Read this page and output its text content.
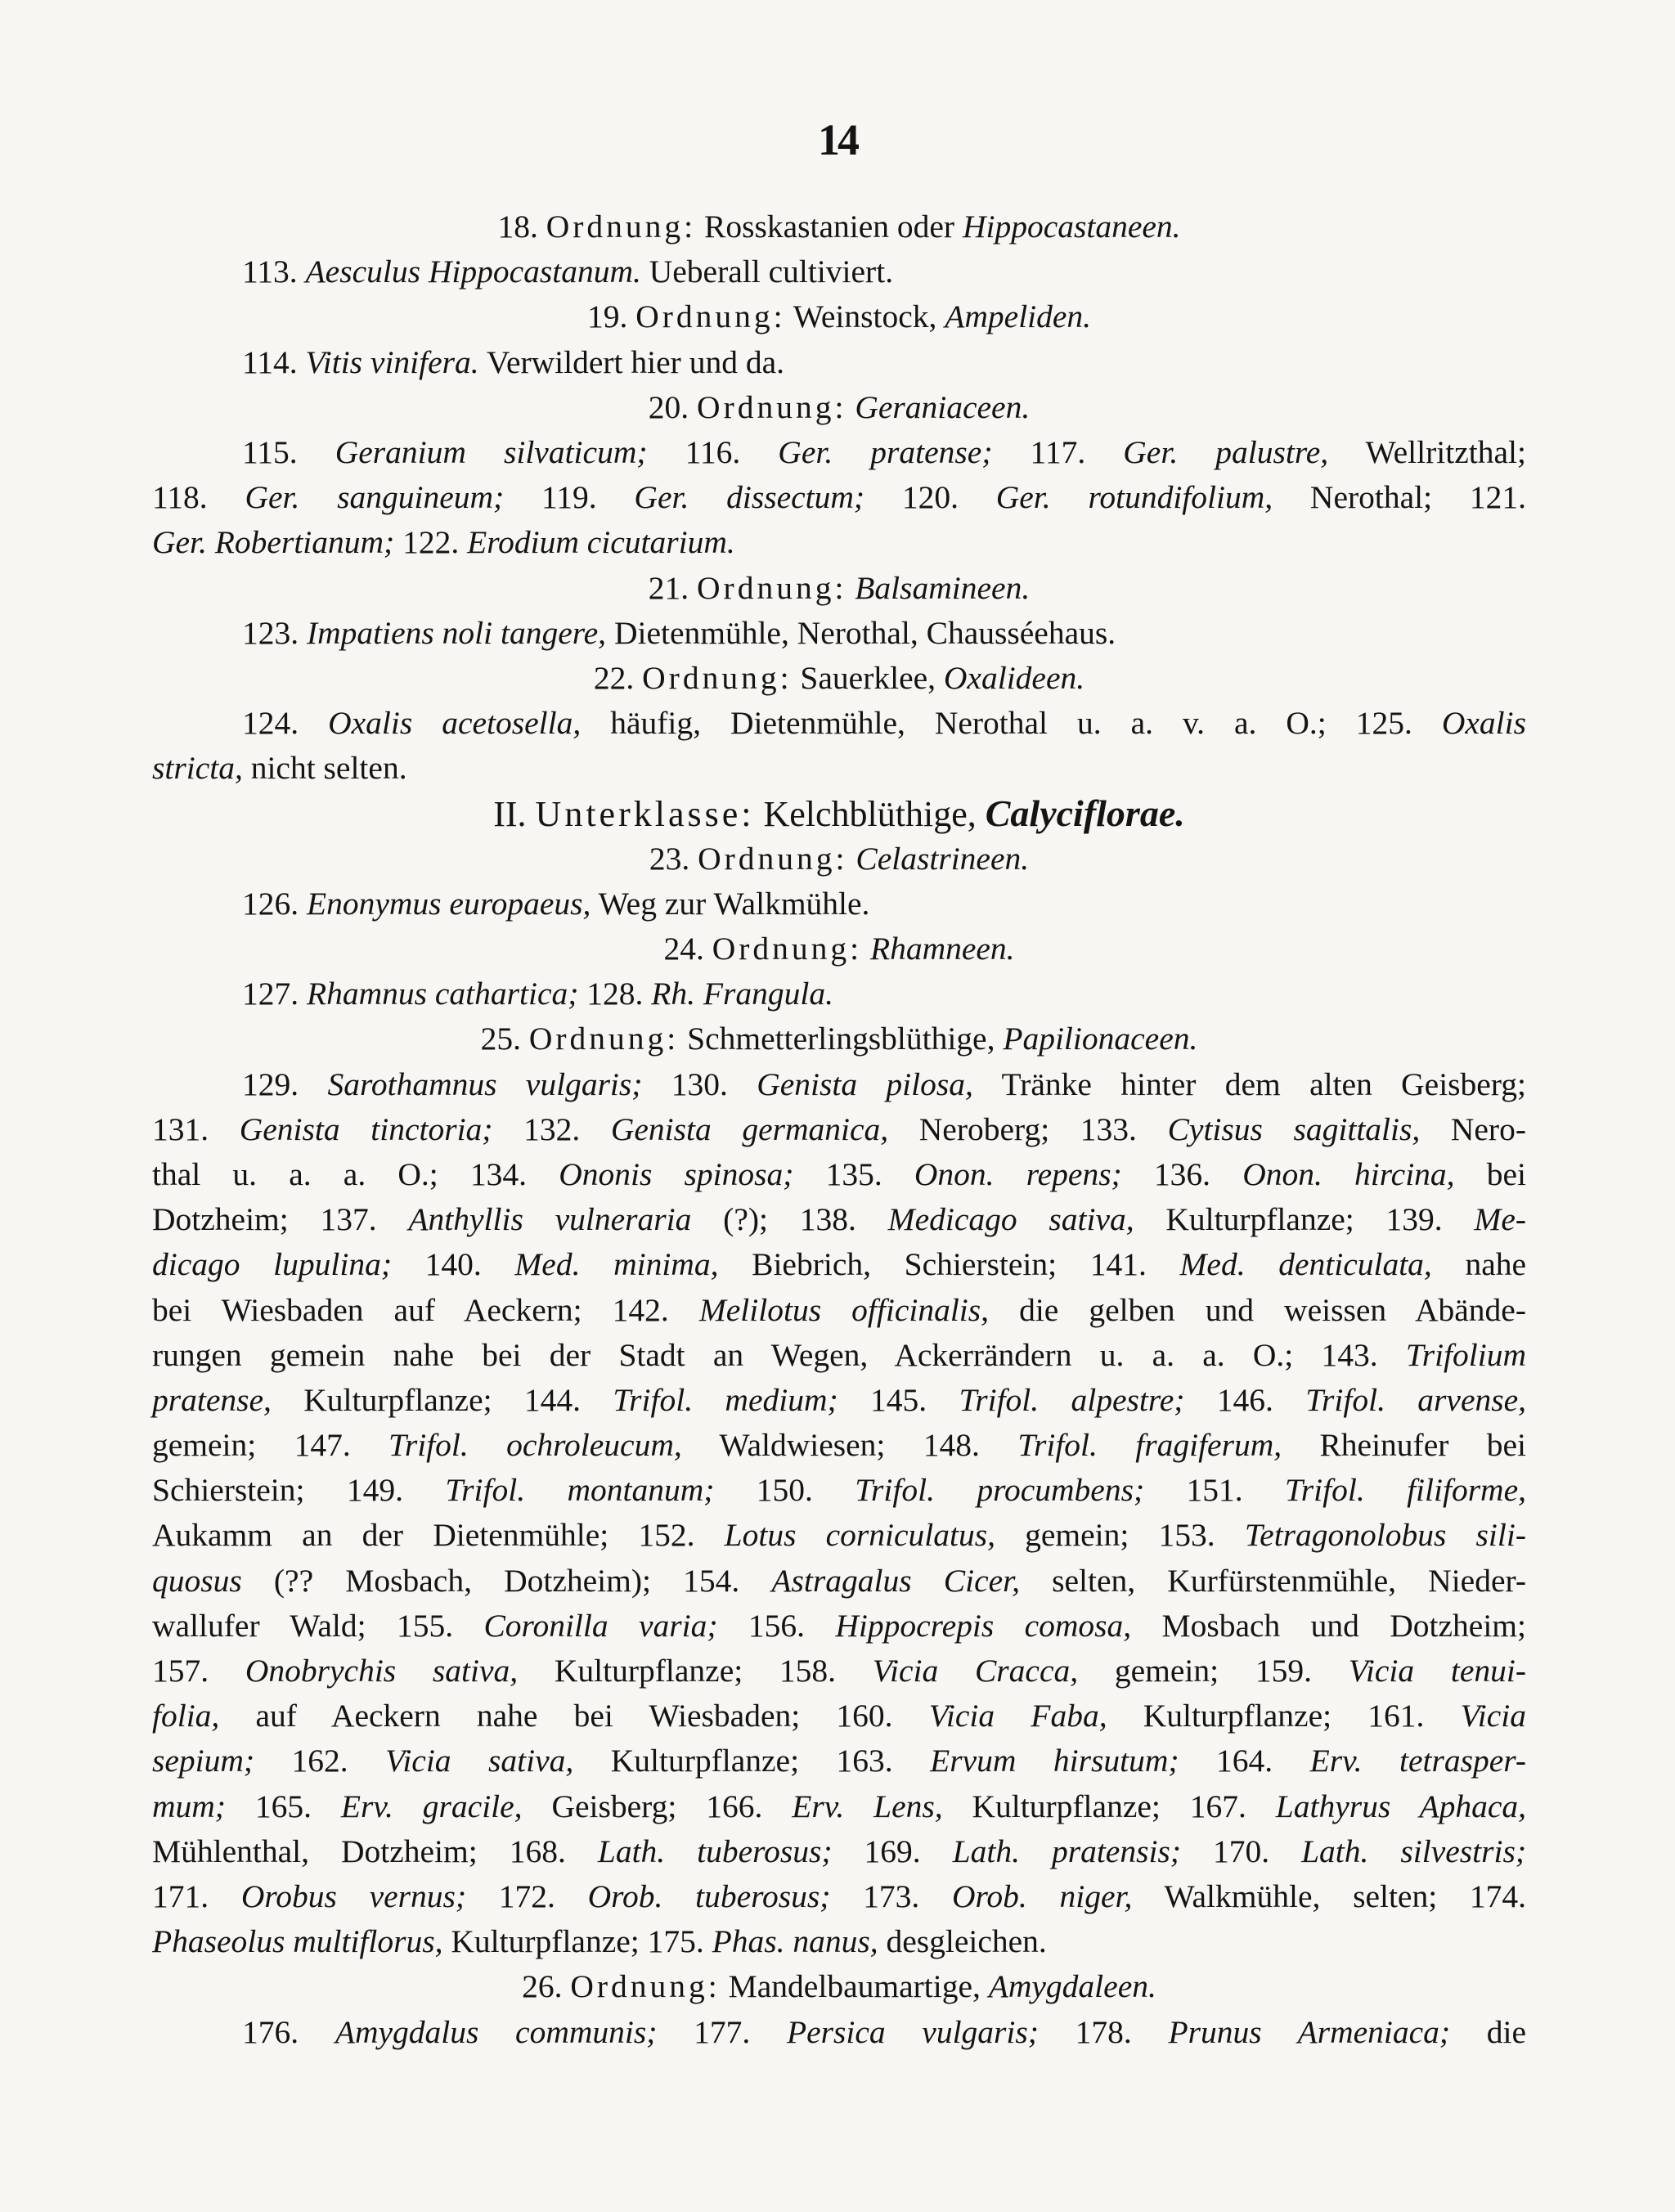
14
18. Ordnung: Rosskastanien oder Hippocastaneen.
113. Aesculus Hippocastanum. Ueberall cultiviert.
19. Ordnung: Weinstock, Ampeliden.
114. Vitis vinifera. Verwildert hier und da.
20. Ordnung: Geraniaceen.
115. Geranium silvaticum; 116. Ger. pratense; 117. Ger. palustre, Wellritzthal;
118. Ger. sanguineum; 119. Ger. dissectum; 120. Ger. rotundifolium, Nerothal; 121.
Ger. Robertianum; 122. Erodium cicutarium.
21. Ordnung: Balsamineen.
123. Impatiens noli tangere, Dietenmühle, Nerothal, Chausséehaus.
22. Ordnung: Sauerklee, Oxalideen.
124. Oxalis acetosella, häufig, Dietenmühle, Nerothal u. a. v. a. O.; 125. Oxalis
stricta, nicht selten.
II. Unterklasse: Kelchblüthige, Calyciflorae.
23. Ordnung: Celastrineen.
126. Enonymus europaeus, Weg zur Walkmühle.
24. Ordnung: Rhamneen.
127. Rhamnus cathartica; 128. Rh. Frangula.
25. Ordnung: Schmetterlingsblüthige, Papilionaceen.
129. Sarothamnus vulgaris; 130. Genista pilosa, Tränke hinter dem alten Geisberg;
131. Genista tinctoria; 132. Genista germanica, Neroberg; 133. Cytisus sagittalis, Nero-
thal u. a. a. O.; 134. Ononis spinosa; 135. Onon. repens; 136. Onon. hircina, bei
Dotzheim; 137. Anthyllis vulneraria (?); 138. Medicago sativa, Kulturpflanze; 139. Me-
dicago lupulina; 140. Med. minima, Biebrich, Schierstein; 141. Med. denticulata, nahe
bei Wiesbaden auf Aeckern; 142. Melilotus officinalis, die gelben und weissen Abände-
rungen gemein nahe bei der Stadt an Wegen, Ackerrändern u. a. a. O.; 143. Trifolium
pratense, Kulturpflanze; 144. Trifol. medium; 145. Trifol. alpestre; 146. Trifol. arvense,
gemein; 147. Trifol. ochroleucum, Waldwiesen; 148. Trifol. fragiferum, Rheinufer bei
Schierstein; 149. Trifol. montanum; 150. Trifol. procumbens; 151. Trifol. filiforme,
Aukamm an der Dietenmühle; 152. Lotus corniculatus, gemein; 153. Tetragonolobus sili-
quosus (?? Mosbach, Dotzheim); 154. Astragalus Cicer, selten, Kurfürstenmühle, Nieder-
wallufer Wald; 155. Coronilla varia; 156. Hippocrepis comosa, Mosbach und Dotzheim;
157. Onobrychis sativa, Kulturpflanze; 158. Vicia Cracca, gemein; 159. Vicia tenui-
folia, auf Aeckern nahe bei Wiesbaden; 160. Vicia Faba, Kulturpflanze; 161. Vicia
sepium; 162. Vicia sativa, Kulturpflanze; 163. Ervum hirsutum; 164. Erv. tetrasper-
mum; 165. Erv. gracile, Geisberg; 166. Erv. Lens, Kulturpflanze; 167. Lathyrus Aphaca,
Mühlenthal, Dotzheim; 168. Lath. tuberosus; 169. Lath. pratensis; 170. Lath. silvestris;
171. Orobus vernus; 172. Orob. tuberosus; 173. Orob. niger, Walkmühle, selten; 174.
Phaseolus multiflorus, Kulturpflanze; 175. Phas. nanus, desgleichen.
26. Ordnung: Mandelbaumartige, Amygdaleen.
176. Amygdalus communis; 177. Persica vulgaris; 178. Prunus Armeniaca; die
